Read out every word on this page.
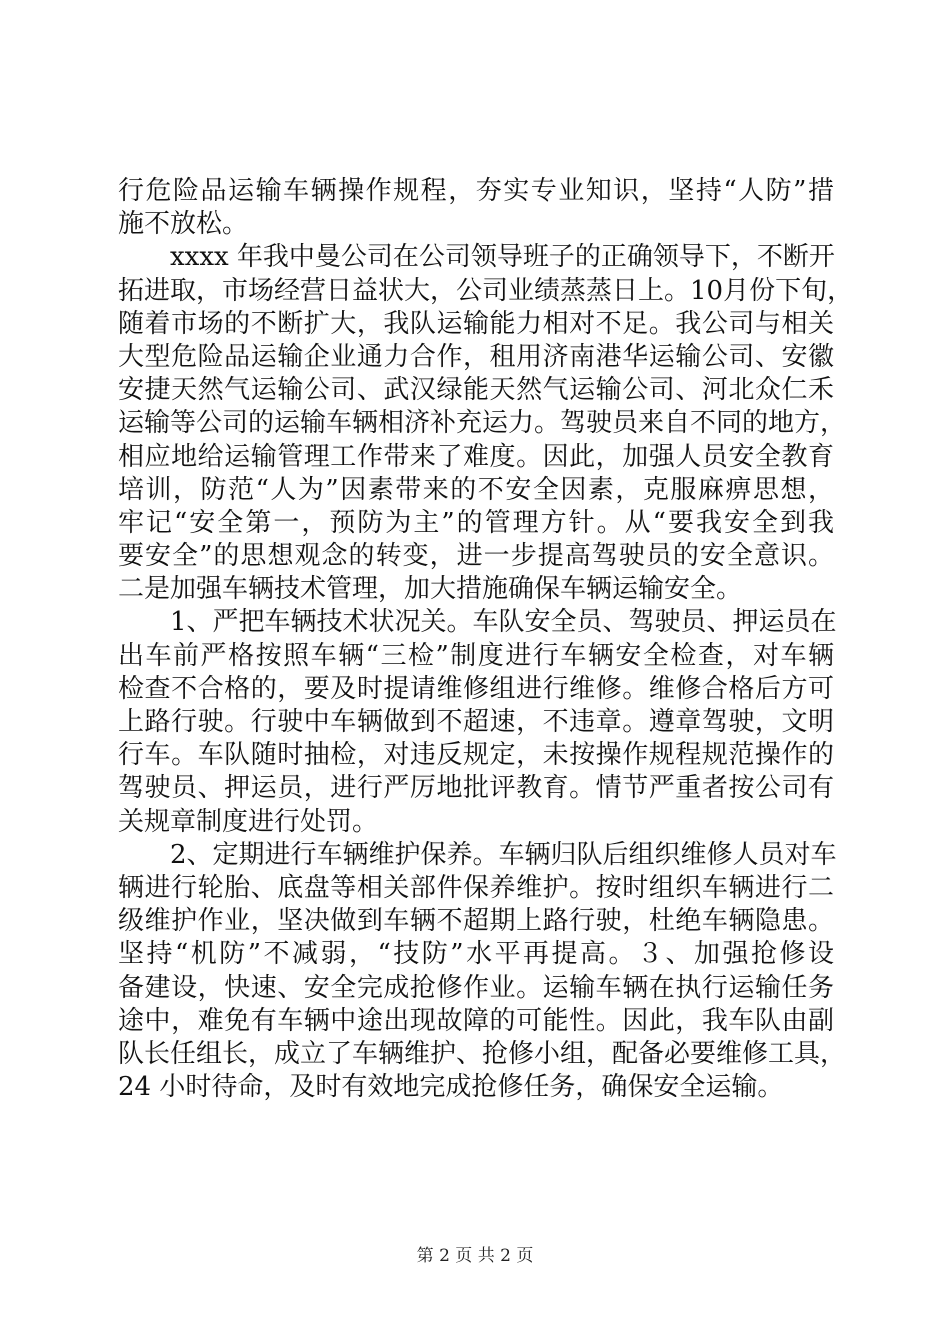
行危险品运输车辆操作规程，夯实专业知识，坚持“人防”措
施不放松。
xxxx 年我中曼公司在公司领导班子的正确领导下，不断开
拓进取，市场经营日益状大，公司业绩蒸蒸日上。10月份下旬，
随着市场的不断扩大，我队运输能力相对不足。我公司与相关
大型危险品运输企业通力合作，租用济南港华运输公司、安徽
安捷天然气运输公司、武汉绿能天然气运输公司、河北众仁禾
运输等公司的运输车辆相济补充运力。驾驶员来自不同的地方，
相应地给运输管理工作带来了难度。因此，加强人员安全教育
培训，防范“人为”因素带来的不安全因素，克服麻痹思想，
牢记“安全第一，预防为主”的管理方针。从“要我安全到我
要安全”的思想观念的转变，进一步提高驾驶员的安全意识。
二是加强车辆技术管理，加大措施确保车辆运输安全。
1、严把车辆技术状况关。车队安全员、驾驶员、押运员在
出车前严格按照车辆“三检”制度进行车辆安全检查，对车辆
检查不合格的，要及时提请维修组进行维修。维修合格后方可
上路行驶。行驶中车辆做到不超速，不违章。遵章驾驶，文明
行车。车队随时抽检，对违反规定，未按操作规程规范操作的
驾驶员、押运员，进行严厉地批评教育。情节严重者按公司有
关规章制度进行处罚。
2、定期进行车辆维护保养。车辆归队后组织维修人员对车
辆进行轮胎、底盘等相关部件保养维护。按时组织车辆进行二
级维护作业，坚决做到车辆不超期上路行驶，杜绝车辆隐患。
坚持“机防”不减弱，“技防”水平再提高。３、加强抢修设
备建设，快速、安全完成抢修作业。运输车辆在执行运输任务
途中，难免有车辆中途出现故障的可能性。因此，我车队由副
队长任组长，成立了车辆维护、抢修小组，配备必要维修工具，
24 小时待命，及时有效地完成抢修任务，确保安全运输。
第 2 页 共 2 页
